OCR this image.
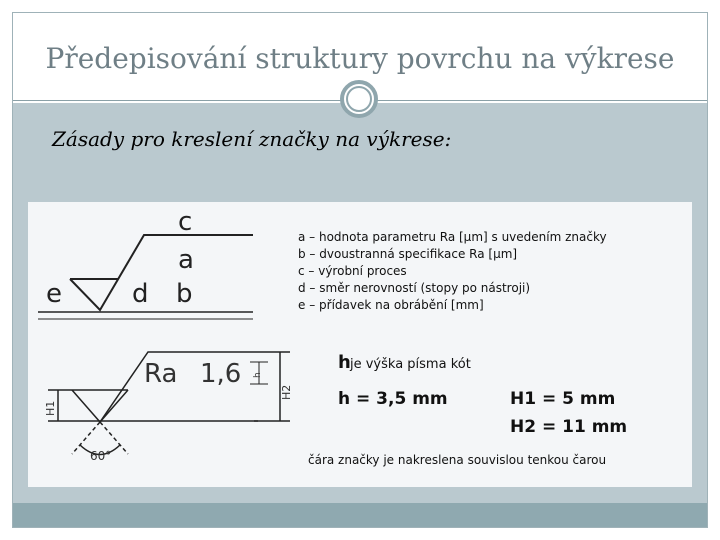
Předepisování struktury povrchu na výkrese
Zásady pro kreslení značky na výkrese:
c
a
e	d b
Ra 1,6 h
H1
H2
60°
a – hodnota parametru Ra [μm] s uvedením značky
b – dvoustranná specifikace Ra [μm]
c – výrobní proces
d – směr nerovností (stopy po nástroji)
e – přídavek na obrábění [mm]
h je výška písma kót
h = 3,5 mm	H1 = 5 mm
H2 = 11 mm
čára značky je nakreslena souvislou tenkou čarou
